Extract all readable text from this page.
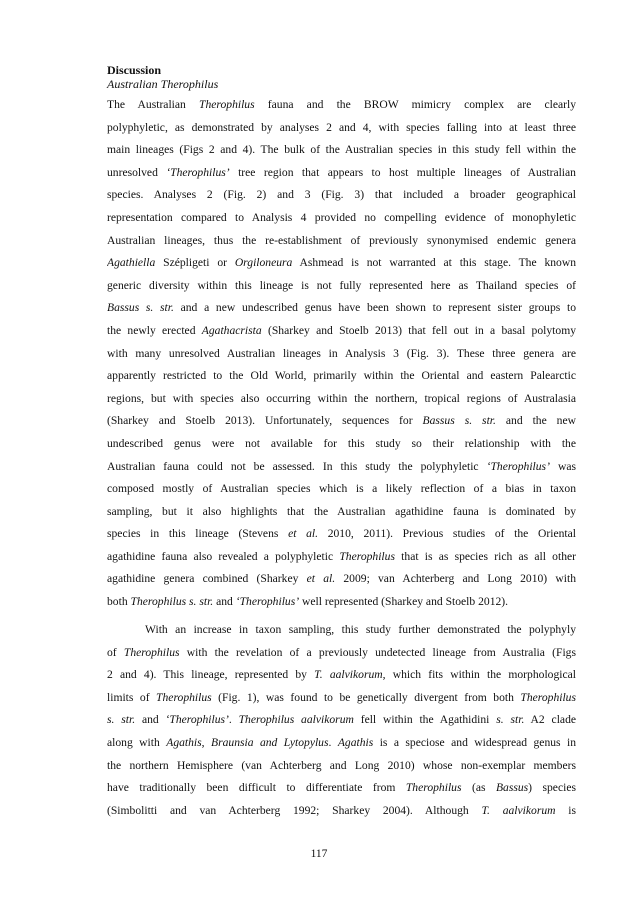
Discussion
Australian Therophilus
The Australian Therophilus fauna and the BROW mimicry complex are clearly
polyphyletic, as demonstrated by analyses 2 and 4, with species falling into at least three
main lineages (Figs 2 and 4). The bulk of the Australian species in this study fell within the
unresolved ‘Therophilus’ tree region that appears to host multiple lineages of Australian
species. Analyses 2 (Fig. 2) and 3 (Fig. 3) that included a broader geographical
representation compared to Analysis 4 provided no compelling evidence of monophyletic
Australian lineages, thus the re-establishment of previously synonymised endemic genera
Agathiella Szépligeti or Orgiloneura Ashmead is not warranted at this stage. The known
generic diversity within this lineage is not fully represented here as Thailand species of
Bassus s. str. and a new undescribed genus have been shown to represent sister groups to
the newly erected Agathacrista (Sharkey and Stoelb 2013) that fell out in a basal polytomy
with many unresolved Australian lineages in Analysis 3 (Fig. 3). These three genera are
apparently restricted to the Old World, primarily within the Oriental and eastern Palearctic
regions, but with species also occurring within the northern, tropical regions of Australasia
(Sharkey and Stoelb 2013). Unfortunately, sequences for Bassus s. str. and the new
undescribed genus were not available for this study so their relationship with the
Australian fauna could not be assessed. In this study the polyphyletic ‘Therophilus’ was
composed mostly of Australian species which is a likely reflection of a bias in taxon
sampling, but it also highlights that the Australian agathidine fauna is dominated by
species in this lineage (Stevens et al. 2010, 2011). Previous studies of the Oriental
agathidine fauna also revealed a polyphyletic Therophilus that is as species rich as all other
agathidine genera combined (Sharkey et al. 2009; van Achterberg and Long 2010) with
both Therophilus s. str. and ‘Therophilus’ well represented (Sharkey and Stoelb 2012).
With an increase in taxon sampling, this study further demonstrated the polyphyly
of Therophilus with the revelation of a previously undetected lineage from Australia (Figs
2 and 4). This lineage, represented by T. aalvikorum, which fits within the morphological
limits of Therophilus (Fig. 1), was found to be genetically divergent from both Therophilus
s. str. and ‘Therophilus’. Therophilus aalvikorum fell within the Agathidini s. str. A2 clade
along with Agathis, Braunsia and Lytopylus. Agathis is a speciose and widespread genus in
the northern Hemisphere (van Achterberg and Long 2010) whose non-exemplar members
have traditionally been difficult to differentiate from Therophilus (as Bassus) species
(Simbolitti and van Achterberg 1992; Sharkey 2004). Although T. aalvikorum is
117
